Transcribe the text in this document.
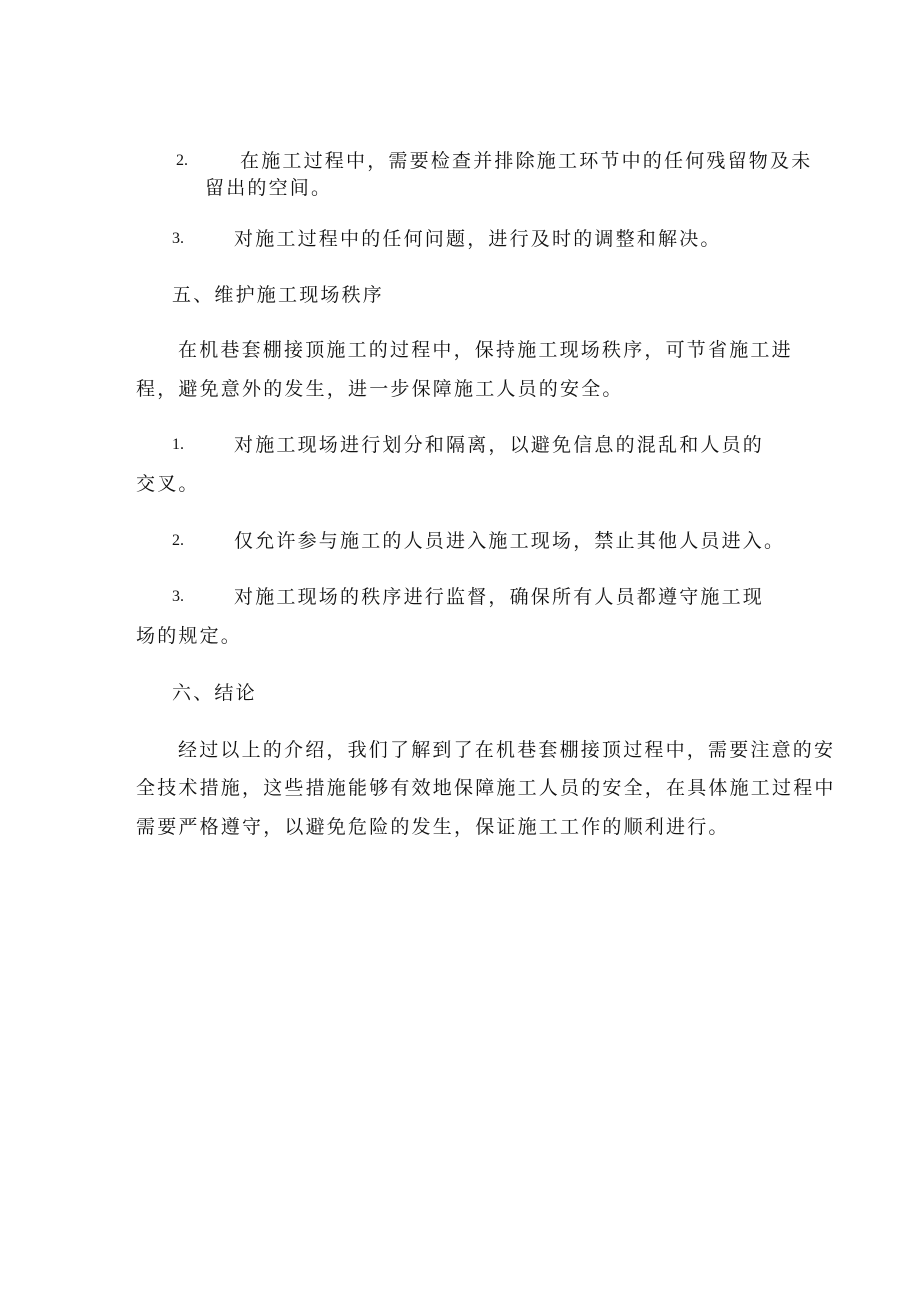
2.	在施工过程中，需要检查并排除施工环节中的任何残留物及未
留出的空间。
3.	对施工过程中的任何问题，进行及时的调整和解决。
五、维护施工现场秩序
在机巷套棚接顶施工的过程中，保持施工现场秩序，可节省施工进
程，避免意外的发生，进一步保障施工人员的安全。
1.	对施工现场进行划分和隔离，以避免信息的混乱和人员的
交叉。
2.	仅允许参与施工的人员进入施工现场，禁止其他人员进入。
3.	对施工现场的秩序进行监督，确保所有人员都遵守施工现
场的规定。
六、结论
经过以上的介绍，我们了解到了在机巷套棚接顶过程中，需要注意的安
全技术措施，这些措施能够有效地保障施工人员的安全，在具体施工过程中
需要严格遵守，以避免危险的发生，保证施工工作的顺利进行。
